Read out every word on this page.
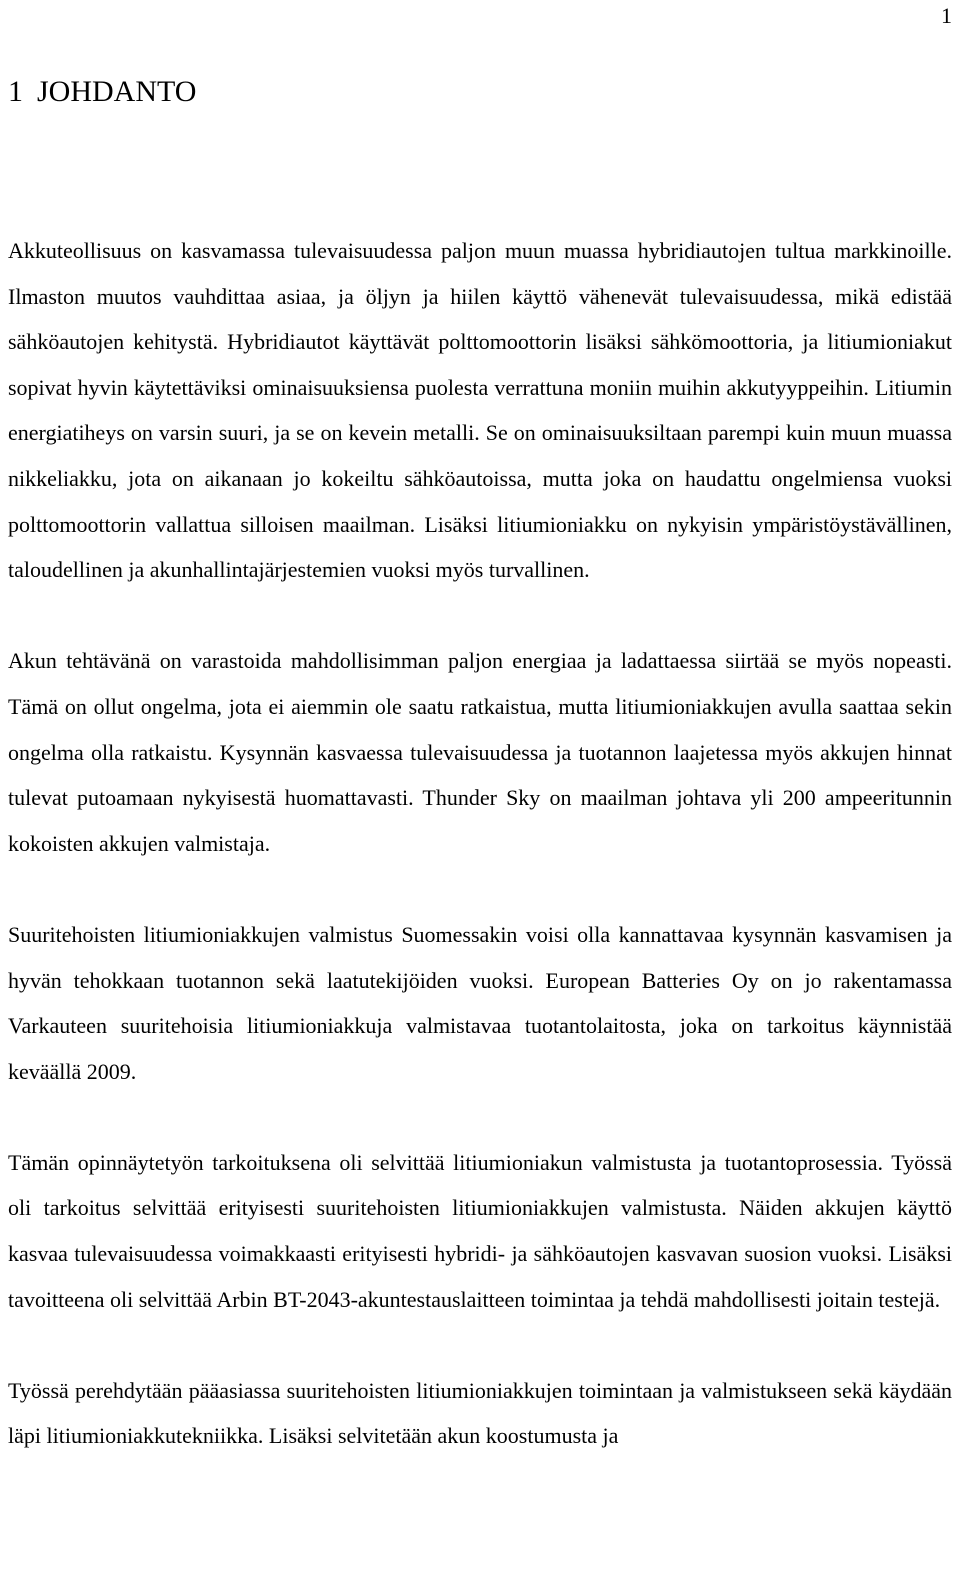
1
1 JOHDANTO

Akkuteollisuus on kasvamassa tulevaisuudessa paljon muun muassa hybridiautojen tultua markkinoille. Ilmaston muutos vauhdittaa asiaa, ja öljyn ja hiilen käyttö vähenevät tulevaisuudessa, mikä edistää sähköautojen kehitystä. Hybridiautot käyttävät polttomoottorin lisäksi sähkömoottoria, ja litiumioniakut sopivat hyvin käytettäviksi ominaisuuksiensa puolesta verrattuna moniin muihin akkutyyppeihin. Litiumin energiatiheys on varsin suuri, ja se on kevein metalli. Se on ominaisuuksiltaan parempi kuin muun muassa nikkeliakku, jota on aikanaan jo kokeiltu sähköautoissa, mutta joka on haudattu ongelmiensa vuoksi polttomoottorin vallattua silloisen maailman. Lisäksi litiumioniakku on nykyisin ympäristöystävällinen, taloudellinen ja akunhallintajärjestemien vuoksi myös turvallinen.

Akun tehtävänä on varastoida mahdollisimman paljon energiaa ja ladattaessa siirtää se myös nopeasti. Tämä on ollut ongelma, jota ei aiemmin ole saatu ratkaistua, mutta litiumioniakkujen avulla saattaa sekin ongelma olla ratkaistu. Kysynnän kasvaessa tulevaisuudessa ja tuotannon laajetessa myös akkujen hinnat tulevat putoamaan nykyisestä huomattavasti. Thunder Sky on maailman johtava yli 200 ampeeritunnin kokoisten akkujen valmistaja.

Suuritehoisten litiumioniakkujen valmistus Suomessakin voisi olla kannattavaa kysynnän kasvamisen ja hyvän tehokkaan tuotannon sekä laatutekijöiden vuoksi. European Batteries Oy on jo rakentamassa Varkauteen suuritehoisia litiumioniakkuja valmistavaa tuotantolaitosta, joka on tarkoitus käynnistää keväällä 2009.

Tämän opinnäytetyön tarkoituksena oli selvittää litiumioniakun valmistusta ja tuotantoprosessia. Työssä oli tarkoitus selvittää erityisesti suuritehoisten litiumioniakkujen valmistusta. Näiden akkujen käyttö kasvaa tulevaisuudessa voimakkaasti erityisesti hybridi- ja sähköautojen kasvavan suosion vuoksi. Lisäksi tavoitteena oli selvittää Arbin BT-2043-akuntestauslaitteen toimintaa ja tehdä mahdollisesti joitain testejä.

Työssä perehdytään pääasiassa suuritehoisten litiumioniakkujen toimintaan ja valmistukseen sekä käydään läpi litiumioniakkutekniikka. Lisäksi selvitetään akun koostumusta ja
